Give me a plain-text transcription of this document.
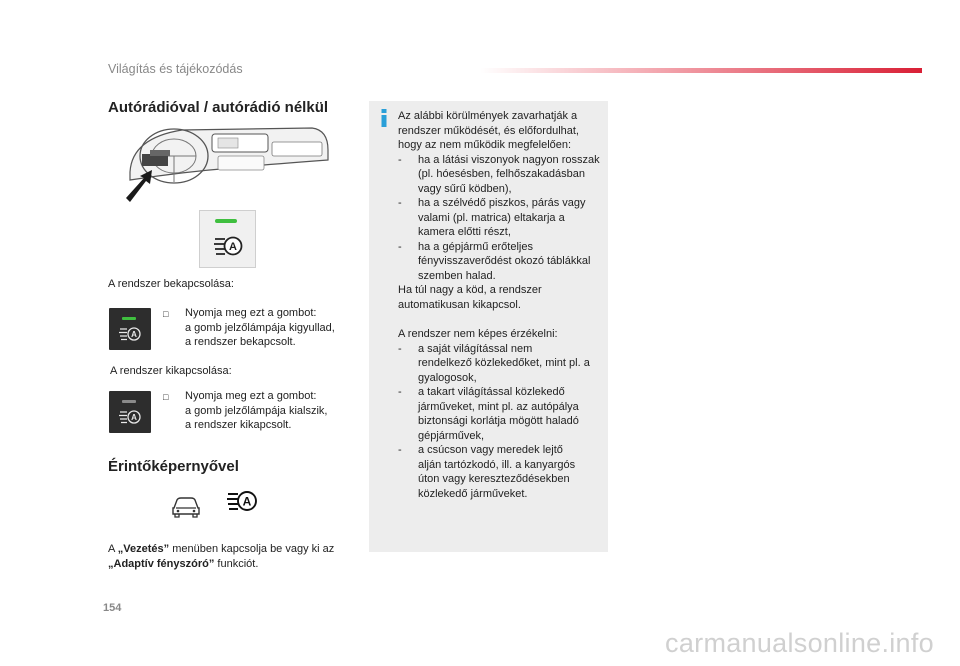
Világítás és tájékozódás
Autórádióval / autórádió nélkül
A
A rendszer bekapcsolása:
A
□	Nyomja meg ezt a gombot:
a gomb jelzőlámpája kigyullad,
a rendszer bekapcsolt.
A rendszer kikapcsolása:
A
□	Nyomja meg ezt a gombot:
a gomb jelzőlámpája kialszik,
a rendszer kikapcsolt.
Érintőképernyővel
A
A „Vezetés” menüben kapcsolja be vagy ki az
„Adaptív fényszóró” funkciót.
Az alábbi körülmények zavarhatják a
rendszer működését, és előfordulhat,
hogy az nem működik megfelelően:
-	ha a látási viszonyok nagyon rosszak
(pl. hóesésben, felhőszakadásban
vagy sűrű ködben),
-	ha a szélvédő piszkos, párás vagy
valami (pl. matrica) eltakarja a
kamera előtti részt,
-	ha a gépjármű erőteljes
fényvisszaverődést okozó táblákkal
szemben halad.
Ha túl nagy a köd, a rendszer
automatikusan kikapcsol.
A rendszer nem képes érzékelni:
-	a saját világítással nem
rendelkező közlekedőket, mint pl. a
gyalogosok,
-	a takart világítással közlekedő
járműveket, mint pl. az autópálya
biztonsági korlátja mögött haladó
gépjárművek,
-	a csúcson vagy meredek lejtő
alján tartózkodó, ill. a kanyargós
úton vagy kereszteződésekben
közlekedő járműveket.
154
carmanualsonline.info
